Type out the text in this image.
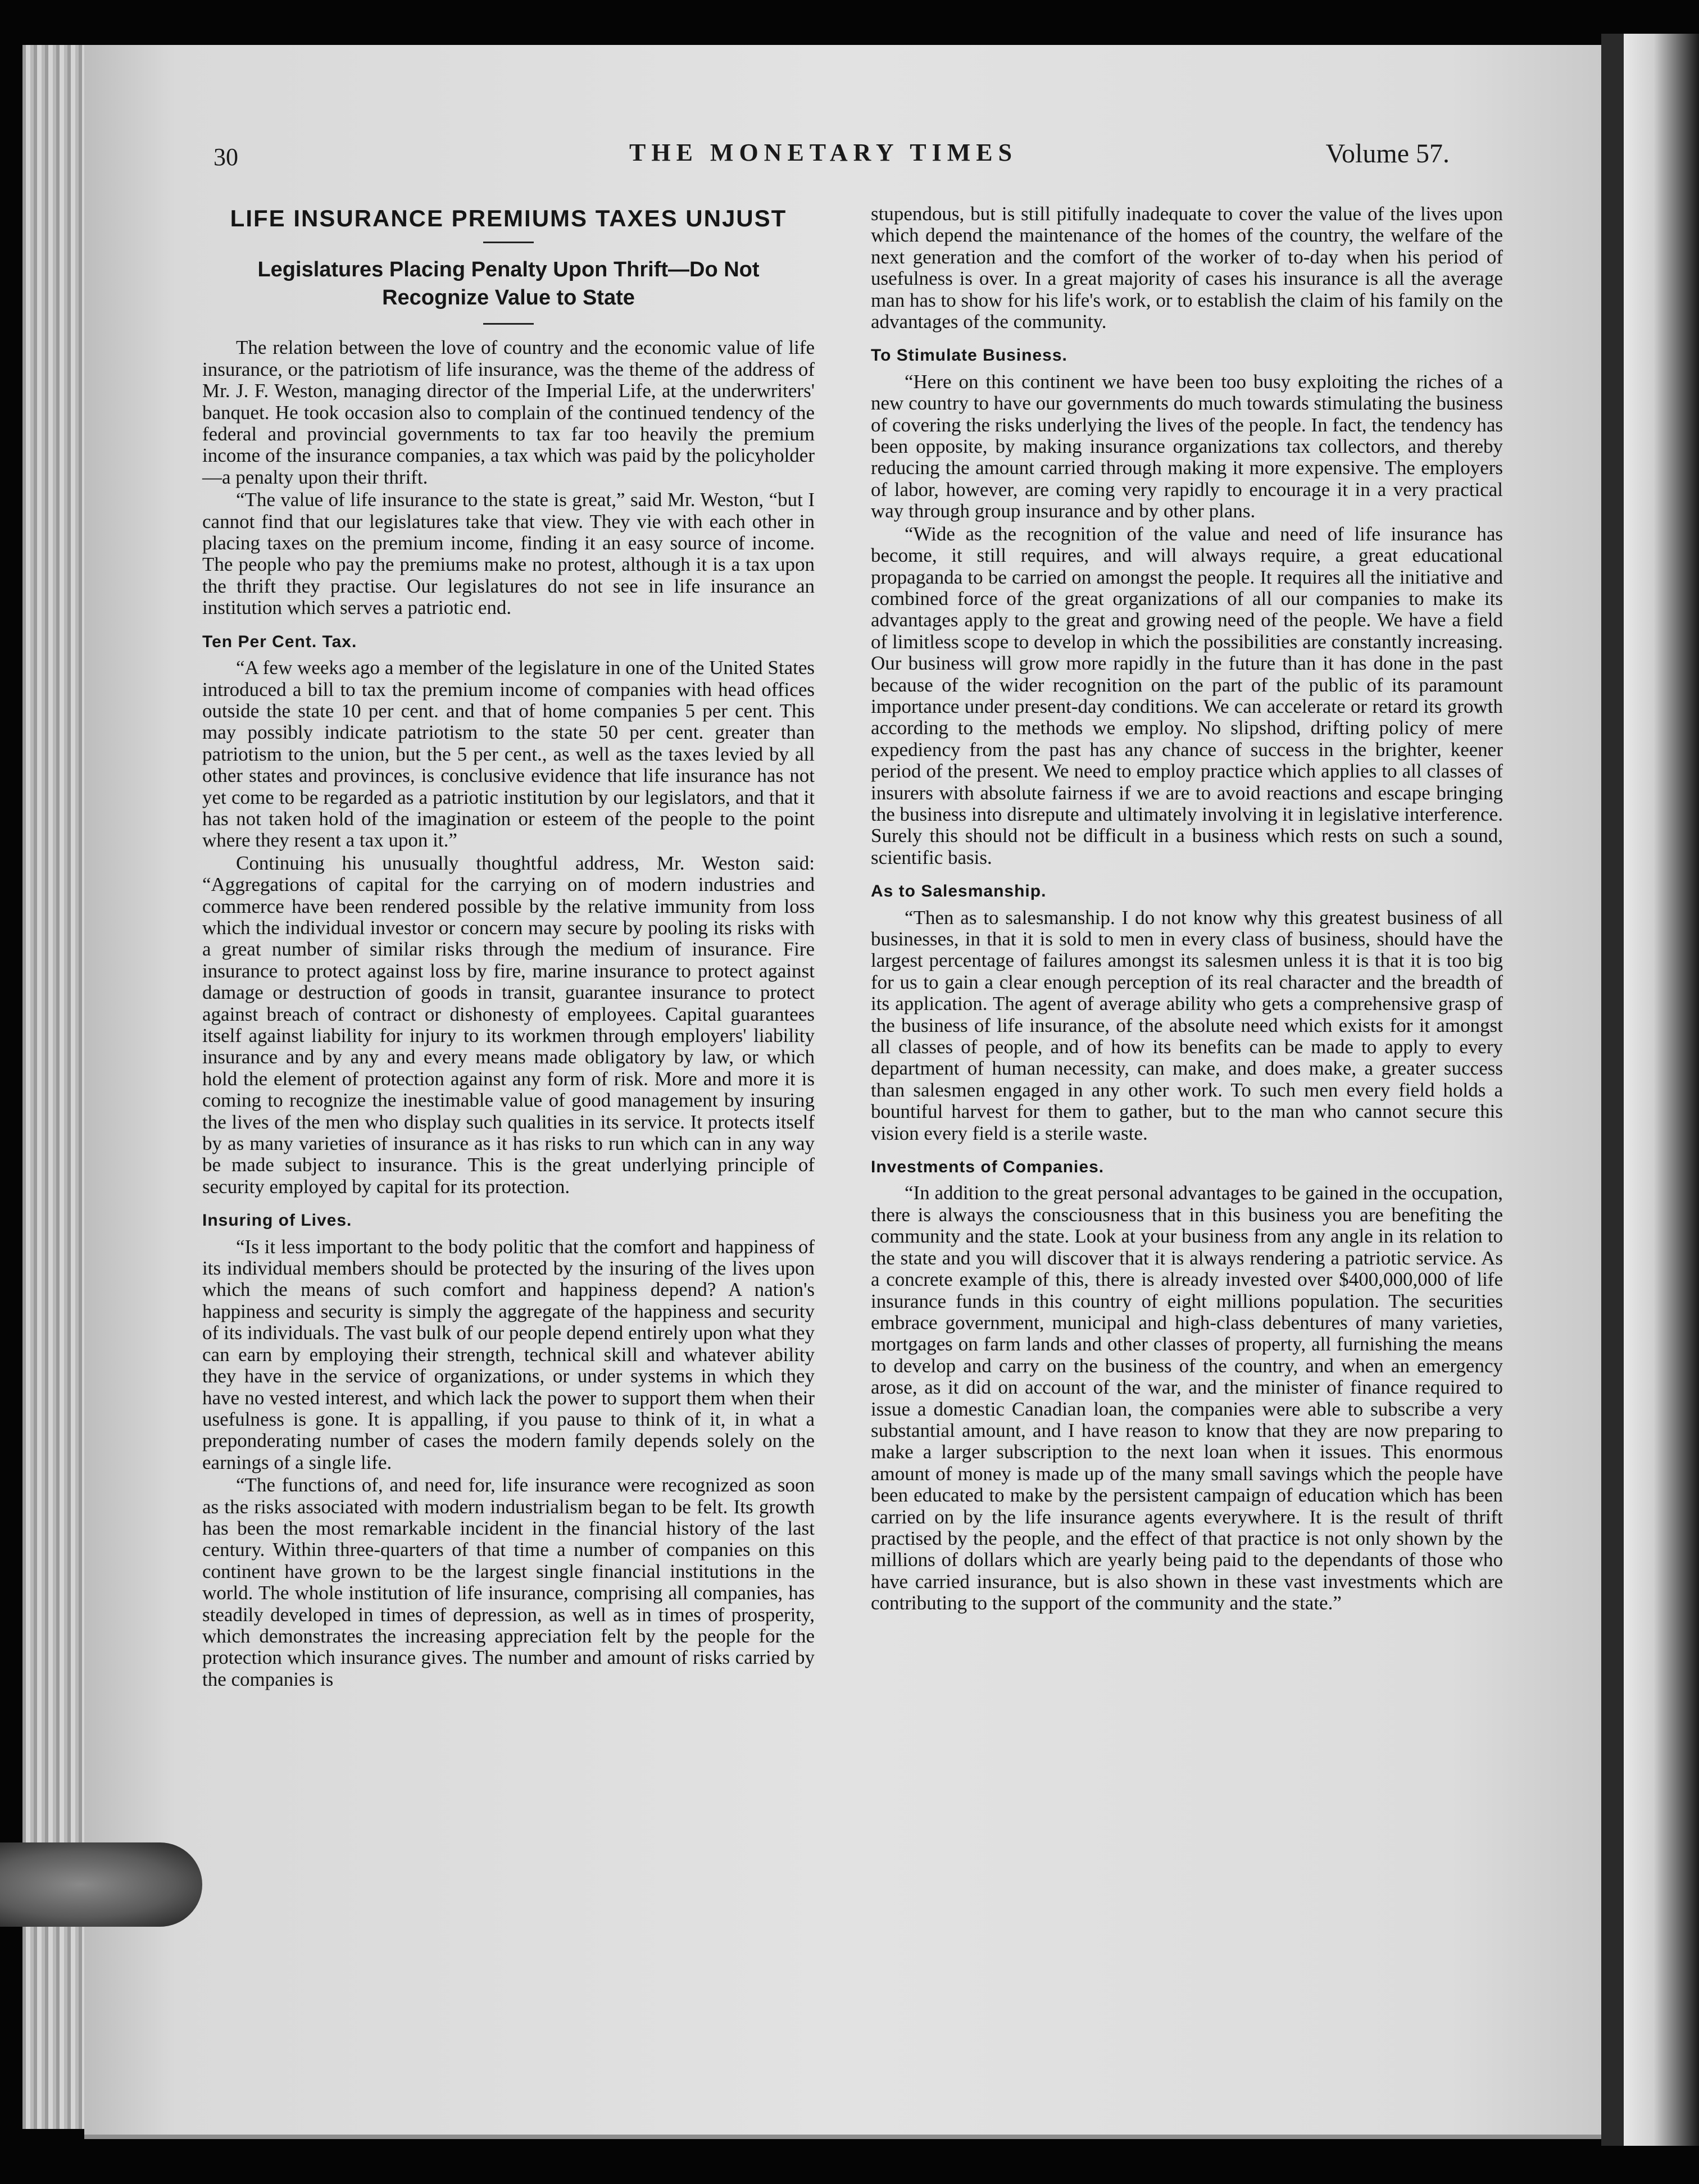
30	THE MONETARY TIMES	Volume 57.
LIFE INSURANCE PREMIUMS TAXES UNJUST
Legislatures Placing Penalty Upon Thrift—Do Not Recognize Value to State

The relation between the love of country and the economic value of life insurance, or the patriotism of life insurance, was the theme of the address of Mr. J. F. Weston, managing director of the Imperial Life, at the underwriters' banquet. He took occasion also to complain of the continued tendency of the federal and provincial governments to tax far too heavily the premium income of the insurance companies, a tax which was paid by the policyholder—a penalty upon their thrift.

“The value of life insurance to the state is great,” said Mr. Weston, “but I cannot find that our legislatures take that view. They vie with each other in placing taxes on the premium income, finding it an easy source of income. The people who pay the premiums make no protest, although it is a tax upon the thrift they practise. Our legislatures do not see in life insurance an institution which serves a patriotic end.

Ten Per Cent. Tax.

“A few weeks ago a member of the legislature in one of the United States introduced a bill to tax the premium income of companies with head offices outside the state 10 per cent. and that of home companies 5 per cent. This may possibly indicate patriotism to the state 50 per cent. greater than patriotism to the union, but the 5 per cent., as well as the taxes levied by all other states and provinces, is conclusive evidence that life insurance has not yet come to be regarded as a patriotic institution by our legislators, and that it has not taken hold of the imagination or esteem of the people to the point where they resent a tax upon it.”

Continuing his unusually thoughtful address, Mr. Weston said: “Aggregations of capital for the carrying on of modern industries and commerce have been rendered possible by the relative immunity from loss which the individual investor or concern may secure by pooling its risks with a great number of similar risks through the medium of insurance. Fire insurance to protect against loss by fire, marine insurance to protect against damage or destruction of goods in transit, guarantee insurance to protect against breach of contract or dishonesty of employees. Capital guarantees itself against liability for injury to its workmen through employers' liability insurance and by any and every means made obligatory by law, or which hold the element of protection against any form of risk. More and more it is coming to recognize the inestimable value of good management by insuring the lives of the men who display such qualities in its service. It protects itself by as many varieties of insurance as it has risks to run which can in any way be made subject to insurance. This is the great underlying principle of security employed by capital for its protection.

Insuring of Lives.

“Is it less important to the body politic that the comfort and happiness of its individual members should be protected by the insuring of the lives upon which the means of such comfort and happiness depend? A nation's happiness and security is simply the aggregate of the happiness and security of its individuals. The vast bulk of our people depend entirely upon what they can earn by employing their strength, technical skill and whatever ability they have in the service of organizations, or under systems in which they have no vested interest, and which lack the power to support them when their usefulness is gone. It is appalling, if you pause to think of it, in what a preponderating number of cases the modern family depends solely on the earnings of a single life.

“The functions of, and need for, life insurance were recognized as soon as the risks associated with modern industrialism began to be felt. Its growth has been the most remarkable incident in the financial history of the last century. Within three-quarters of that time a number of companies on this continent have grown to be the largest single financial institutions in the world. The whole institution of life insurance, comprising all companies, has steadily developed in times of depression, as well as in times of prosperity, which demonstrates the increasing appreciation felt by the people for the protection which insurance gives. The number and amount of risks carried by the companies is

stupendous, but is still pitifully inadequate to cover the value of the lives upon which depend the maintenance of the homes of the country, the welfare of the next generation and the comfort of the worker of to-day when his period of usefulness is over. In a great majority of cases his insurance is all the average man has to show for his life's work, or to establish the claim of his family on the advantages of the community.

To Stimulate Business.

“Here on this continent we have been too busy exploiting the riches of a new country to have our governments do much towards stimulating the business of covering the risks underlying the lives of the people. In fact, the tendency has been opposite, by making insurance organizations tax collectors, and thereby reducing the amount carried through making it more expensive. The employers of labor, however, are coming very rapidly to encourage it in a very practical way through group insurance and by other plans.

“Wide as the recognition of the value and need of life insurance has become, it still requires, and will always require, a great educational propaganda to be carried on amongst the people. It requires all the initiative and combined force of the great organizations of all our companies to make its advantages apply to the great and growing need of the people. We have a field of limitless scope to develop in which the possibilities are constantly increasing. Our business will grow more rapidly in the future than it has done in the past because of the wider recognition on the part of the public of its paramount importance under present-day conditions. We can accelerate or retard its growth according to the methods we employ. No slipshod, drifting policy of mere expediency from the past has any chance of success in the brighter, keener period of the present. We need to employ practice which applies to all classes of insurers with absolute fairness if we are to avoid reactions and escape bringing the business into disrepute and ultimately involving it in legislative interference. Surely this should not be difficult in a business which rests on such a sound, scientific basis.

As to Salesmanship.

“Then as to salesmanship. I do not know why this greatest business of all businesses, in that it is sold to men in every class of business, should have the largest percentage of failures amongst its salesmen unless it is that it is too big for us to gain a clear enough perception of its real character and the breadth of its application. The agent of average ability who gets a comprehensive grasp of the business of life insurance, of the absolute need which exists for it amongst all classes of people, and of how its benefits can be made to apply to every department of human necessity, can make, and does make, a greater success than salesmen engaged in any other work. To such men every field holds a bountiful harvest for them to gather, but to the man who cannot secure this vision every field is a sterile waste.

Investments of Companies.

“In addition to the great personal advantages to be gained in the occupation, there is always the consciousness that in this business you are benefiting the community and the state. Look at your business from any angle in its relation to the state and you will discover that it is always rendering a patriotic service. As a concrete example of this, there is already invested over $400,000,000 of life insurance funds in this country of eight millions population. The securities embrace government, municipal and high-class debentures of many varieties, mortgages on farm lands and other classes of property, all furnishing the means to develop and carry on the business of the country, and when an emergency arose, as it did on account of the war, and the minister of finance required to issue a domestic Canadian loan, the companies were able to subscribe a very substantial amount, and I have reason to know that they are now preparing to make a larger subscription to the next loan when it issues. This enormous amount of money is made up of the many small savings which the people have been educated to make by the persistent campaign of education which has been carried on by the life insurance agents everywhere. It is the result of thrift practised by the people, and the effect of that practice is not only shown by the millions of dollars which are yearly being paid to the dependants of those who have carried insurance, but is also shown in these vast investments which are contributing to the support of the community and the state.”
